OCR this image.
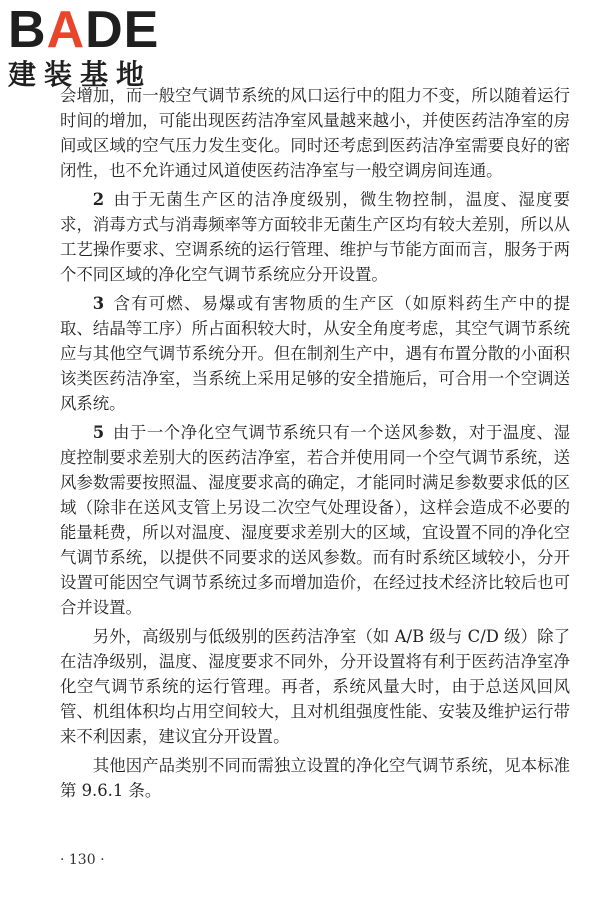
BADE
建装基地

会增加，而一般空气调节系统的风口运行中的阻力不变，所以随着运行时间的增加，可能出现医药洁净室风量越来越小，并使医药洁净室的房间或区域的空气压力发生变化。同时还考虑到医药洁净室需要良好的密闭性，也不允许通过风道使医药洁净室与一般空调房间连通。

2 由于无菌生产区的洁净度级别，微生物控制，温度、湿度要求，消毒方式与消毒频率等方面较非无菌生产区均有较大差别，所以从工艺操作要求、空调系统的运行管理、维护与节能方面而言，服务于两个不同区域的净化空气调节系统应分开设置。

3 含有可燃、易爆或有害物质的生产区（如原料药生产中的提取、结晶等工序）所占面积较大时，从安全角度考虑，其空气调节系统应与其他空气调节系统分开。但在制剂生产中，遇有布置分散的小面积该类医药洁净室，当系统上采用足够的安全措施后，可合用一个空调送风系统。

5 由于一个净化空气调节系统只有一个送风参数，对于温度、湿度控制要求差别大的医药洁净室，若合并使用同一个空气调节系统，送风参数需要按照温、湿度要求高的确定，才能同时满足参数要求低的区域（除非在送风支管上另设二次空气处理设备），这样会造成不必要的能量耗费，所以对温度、湿度要求差别大的区域，宜设置不同的净化空气调节系统，以提供不同要求的送风参数。而有时系统区域较小，分开设置可能因空气调节系统过多而增加造价，在经过技术经济比较后也可合并设置。

另外，高级别与低级别的医药洁净室（如 A/B 级与 C/D 级）除了在洁净级别，温度、湿度要求不同外，分开设置将有利于医药洁净室净化空气调节系统的运行管理。再者，系统风量大时，由于总送风回风管、机组体积均占用空间较大，且对机组强度性能、安装及维护运行带来不利因素，建议宜分开设置。

其他因产品类别不同而需独立设置的净化空气调节系统，见本标准第 9.6.1 条。

· 130 ·
